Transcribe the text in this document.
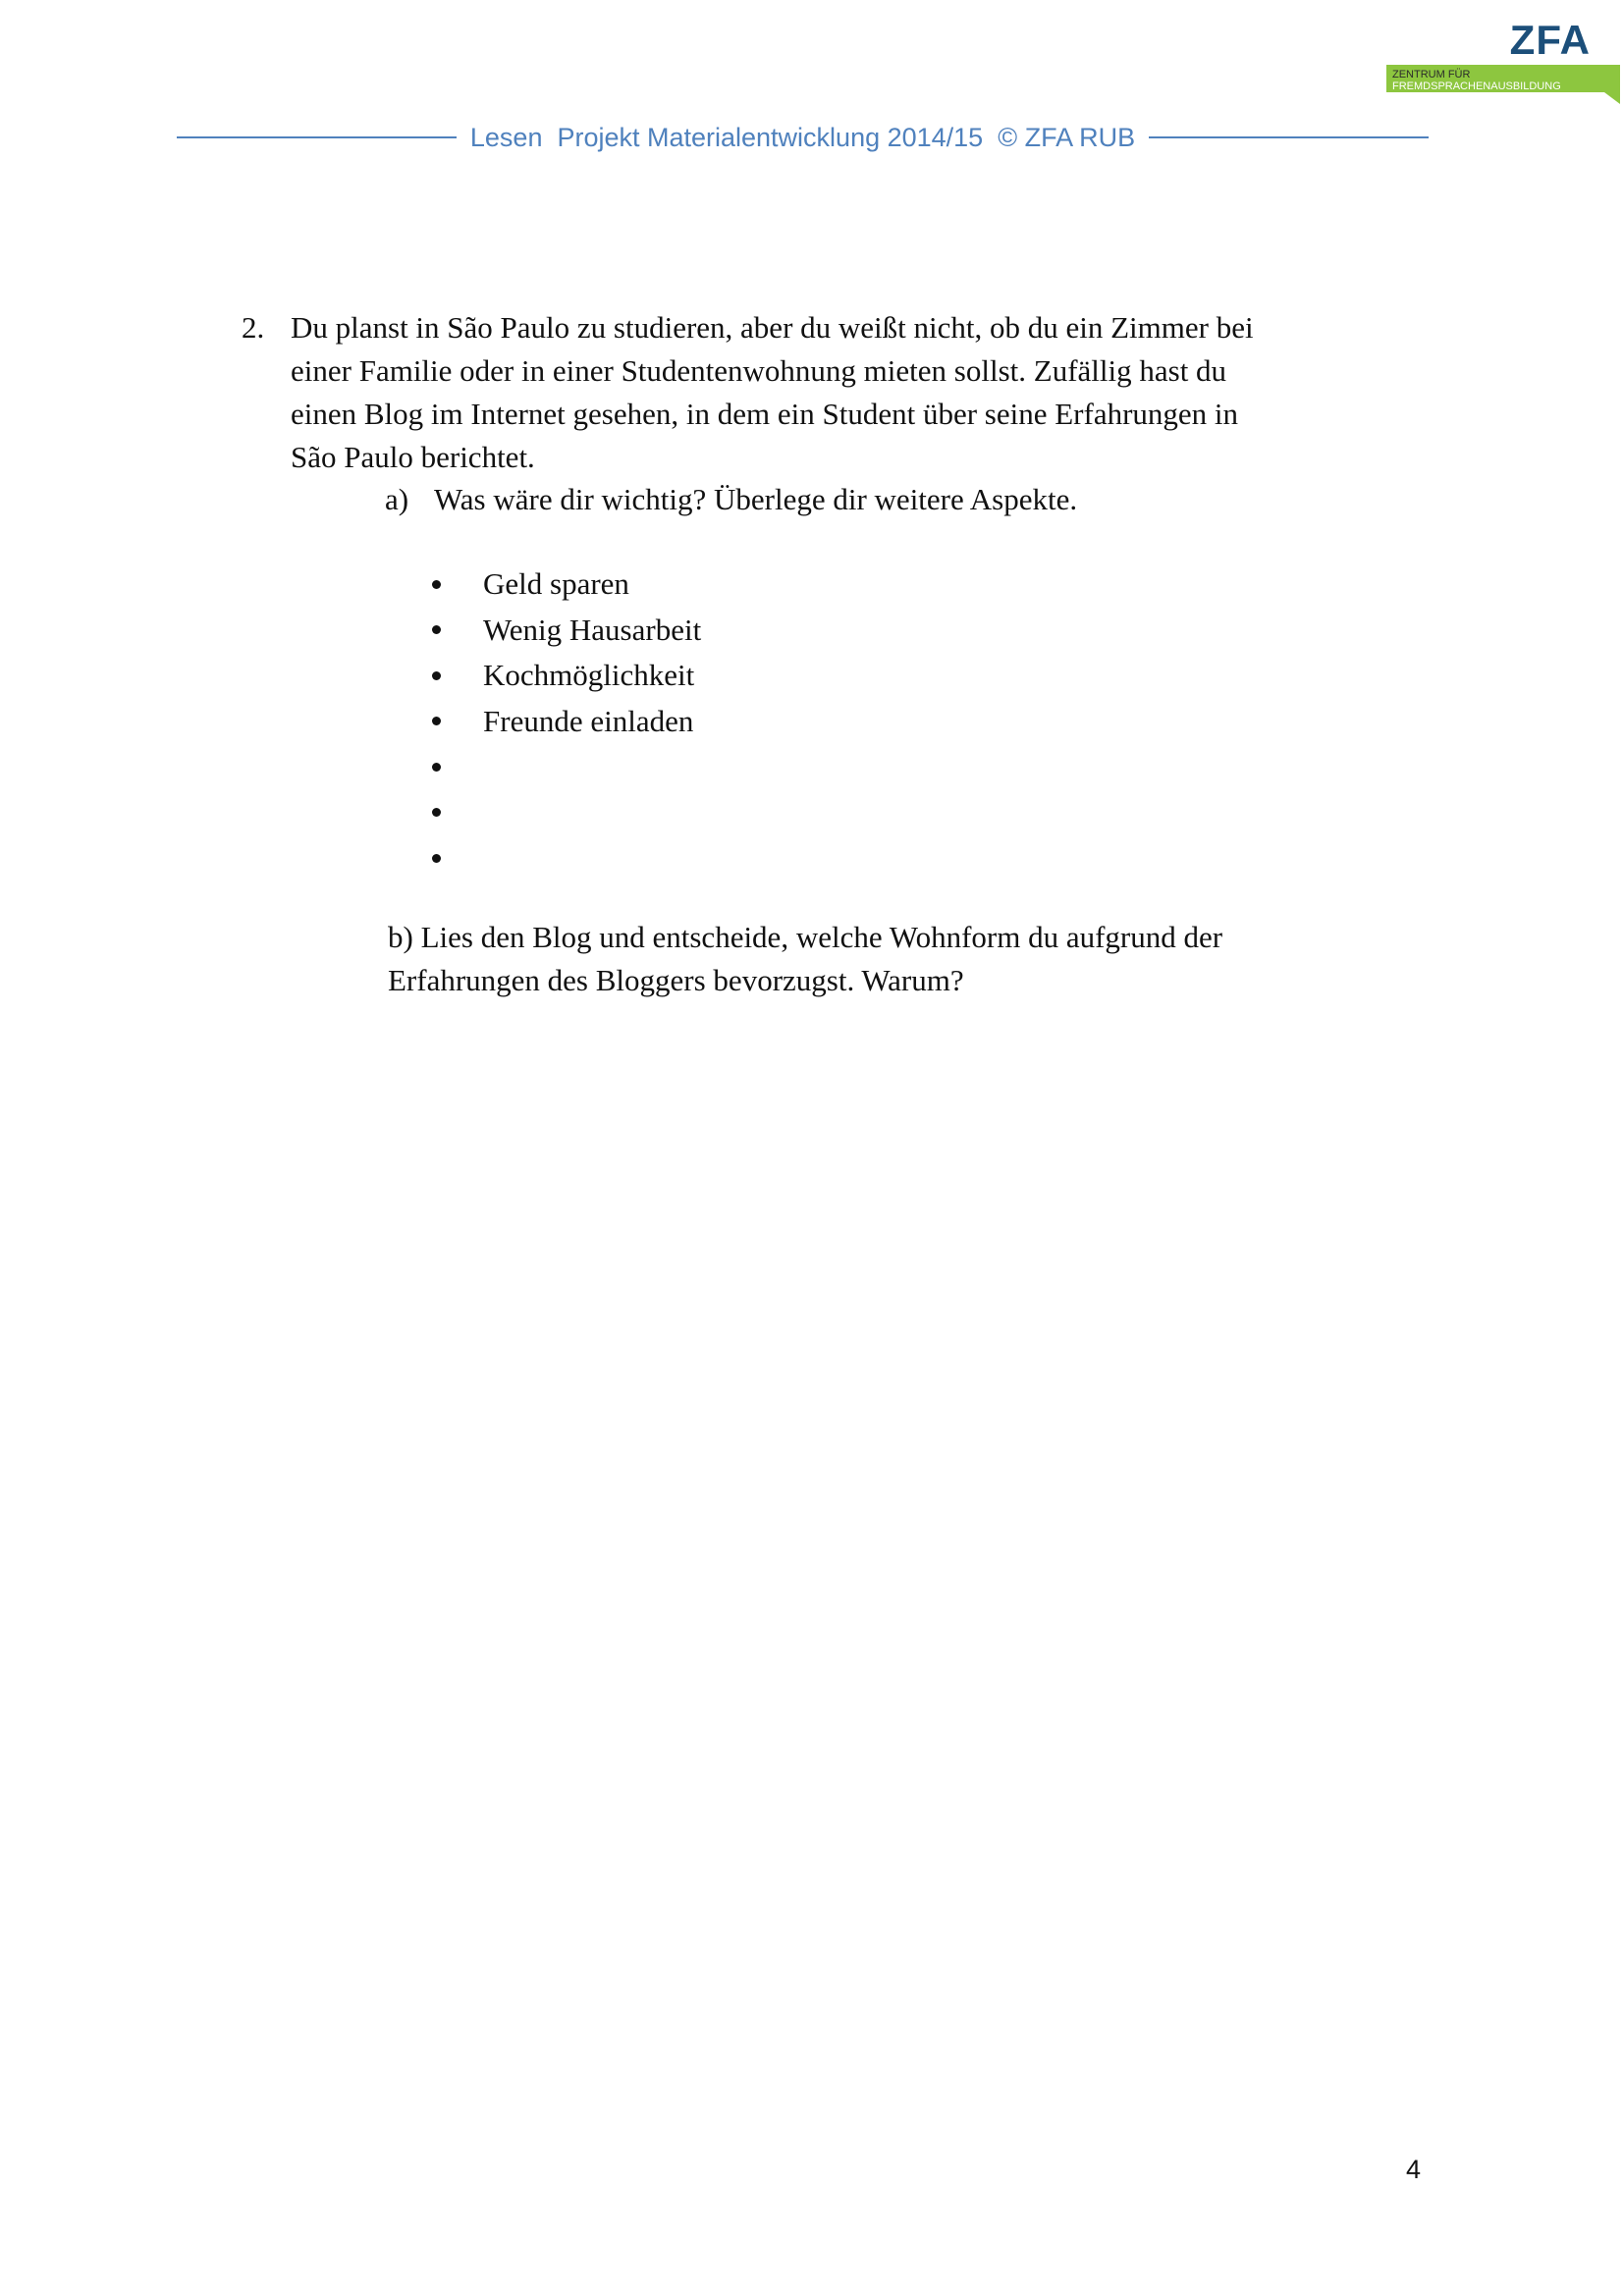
ZFA
ZENTRUM FÜR
FREMDSPRACHENAUSBILDUNG
Lesen  Projekt Materialentwicklung 2014/15  © ZFA RUB
2. Du planst in São Paulo zu studieren, aber du weißt nicht, ob du ein Zimmer bei einer Familie oder in einer Studentenwohnung mieten sollst. Zufällig hast du einen Blog im Internet gesehen, in dem ein Student über seine Erfahrungen in São Paulo berichtet.
a) Was wäre dir wichtig? Überlege dir weitere Aspekte.
Geld sparen
Wenig Hausarbeit
Kochmöglichkeit
Freunde einladen
b) Lies den Blog und entscheide, welche Wohnform du aufgrund der Erfahrungen des Bloggers bevorzugst. Warum?
4
